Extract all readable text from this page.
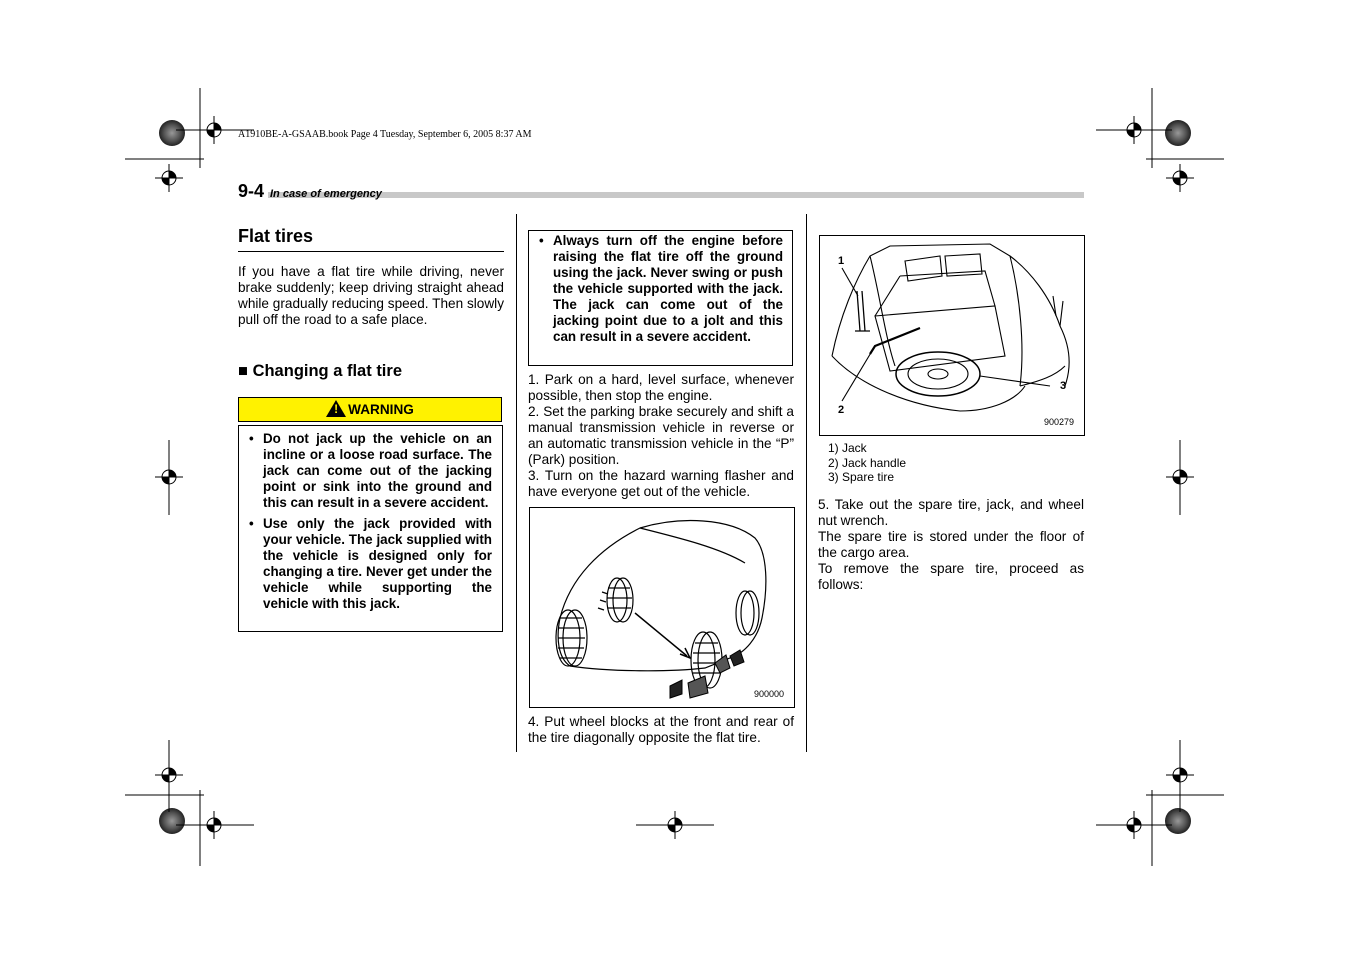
A1910BE-A-GSAAB.book Page 4 Tuesday, September 6, 2005 8:37 AM
9-4 In case of emergency
Flat tires
If you have a flat tire while driving, never brake suddenly; keep driving straight ahead while gradually reducing speed. Then slowly pull off the road to a safe place.
■ Changing a flat tire
!WARNING
• Do not jack up the vehicle on an incline or a loose road surface. The jack can come out of the jacking point or sink into the ground and this can result in a severe accident.
• Use only the jack provided with your vehicle. The jack supplied with the vehicle is designed only for changing a tire. Never get under the vehicle while supporting the vehicle with this jack.
• Always turn off the engine before raising the flat tire off the ground using the jack. Never swing or push the vehicle supported with the jack. The jack can come out of the jacking point due to a jolt and this can result in a severe accident.
1. Park on a hard, level surface, whenever possible, then stop the engine.
2. Set the parking brake securely and shift a manual transmission vehicle in reverse or an automatic transmission vehicle in the “P” (Park) position.
3. Turn on the hazard warning flasher and have everyone get out of the vehicle.
900000
4. Put wheel blocks at the front and rear of the tire diagonally opposite the flat tire.
1
2
3
900279
1) Jack
2) Jack handle
3) Spare tire
5. Take out the spare tire, jack, and wheel nut wrench.
The spare tire is stored under the floor of the cargo area.
To remove the spare tire, proceed as follows:
